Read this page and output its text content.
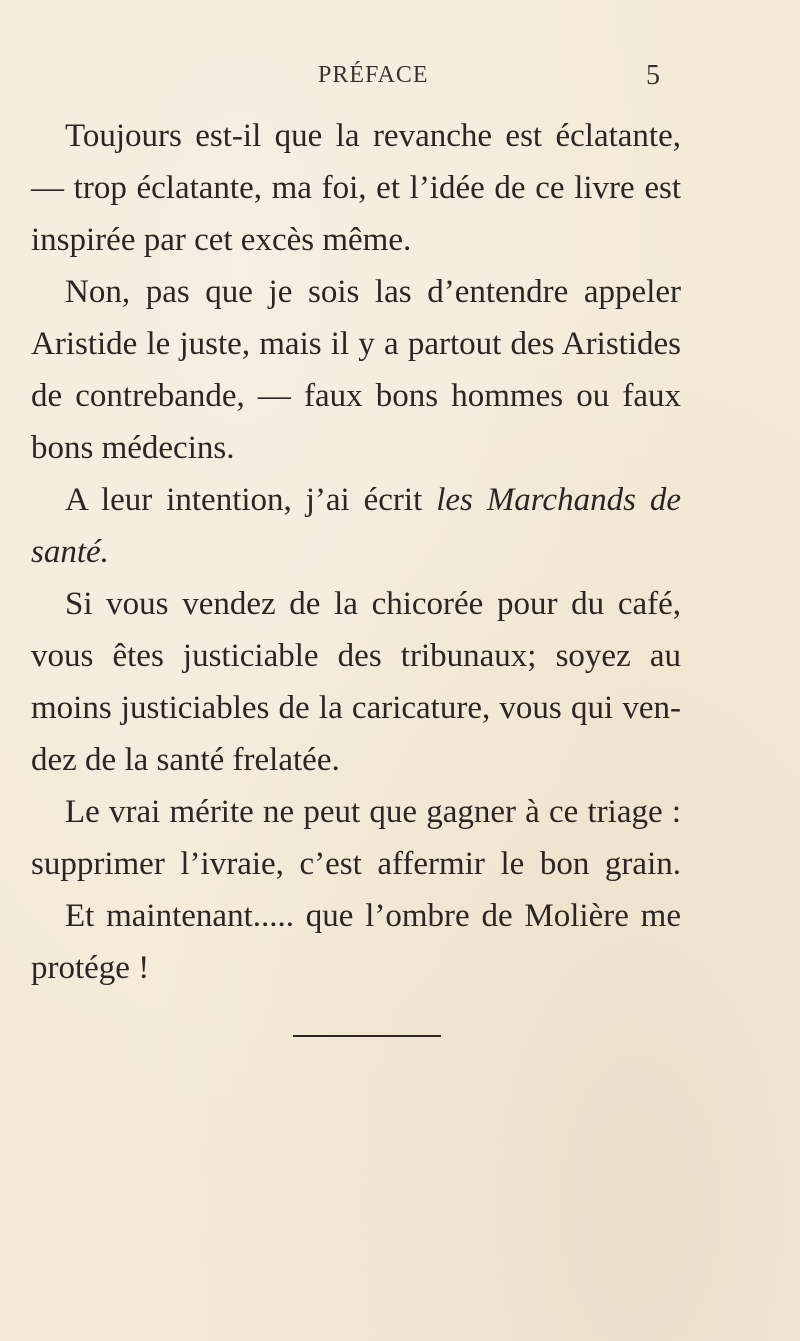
PRÉFACE	5
Toujours est-il que la revanche est éclatante,
— trop éclatante, ma foi, et l’idée de ce livre est
inspirée par cet excès même.
Non, pas que je sois las d’entendre appeler
Aristide le juste, mais il y a partout des Aristides
de contrebande, — faux bons hommes ou faux
bons médecins.
A leur intention, j’ai écrit les Marchands de
santé.
Si vous vendez de la chicorée pour du café,
vous êtes justiciable des tribunaux; soyez au
moins justiciables de la caricature, vous qui ven-
dez de la santé frelatée.
Le vrai mérite ne peut que gagner à ce triage :
supprimer l’ivraie, c’est affermir le bon grain.
Et maintenant..... que l’ombre de Molière me
protége !
